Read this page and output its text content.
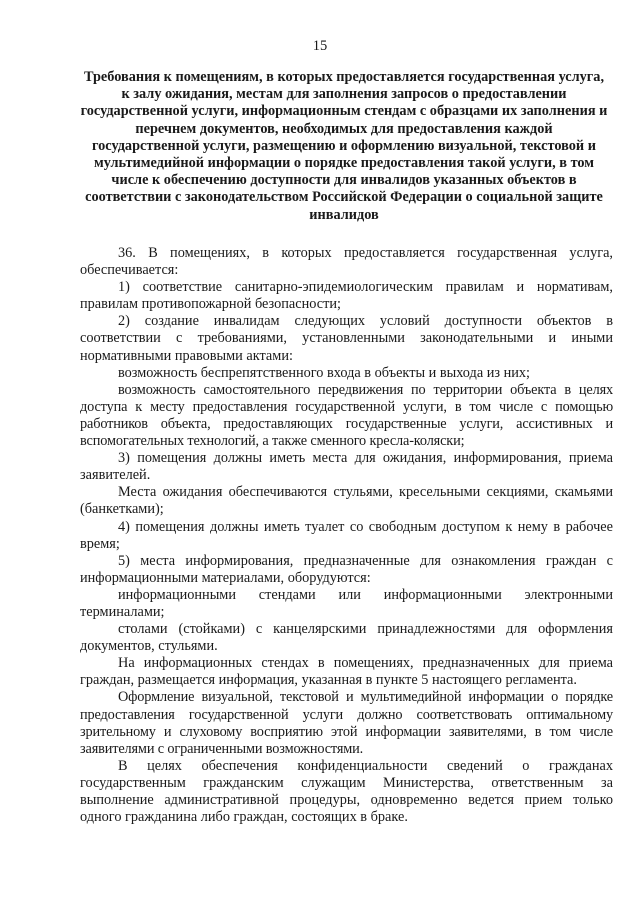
15
Требования к помещениям, в которых предоставляется государственная услуга, к залу ожидания, местам для заполнения запросов о предоставлении государственной услуги, информационным стендам с образцами их заполнения и перечнем документов, необходимых для предоставления каждой государственной услуги, размещению и оформлению визуальной, текстовой и мультимедийной информации о порядке предоставления такой услуги, в том числе к обеспечению доступности для инвалидов указанных объектов в соответствии с законодательством Российской Федерации о социальной защите инвалидов

36. В помещениях, в которых предоставляется государственная услуга, обеспечивается:

1) соответствие санитарно-эпидемиологическим правилам и нормативам, правилам противопожарной безопасности;

2) создание инвалидам следующих условий доступности объектов в соответствии с требованиями, установленными законодательными и иными нормативными правовыми актами:

возможность беспрепятственного входа в объекты и выхода из них;

возможность самостоятельного передвижения по территории объекта в целях доступа к месту предоставления государственной услуги, в том числе с помощью работников объекта, предоставляющих государственные услуги, ассистивных и вспомогательных технологий, а также сменного кресла-коляски;

3) помещения должны иметь места для ожидания, информирования, приема заявителей.

Места ожидания обеспечиваются стульями, кресельными секциями, скамьями (банкетками);

4) помещения должны иметь туалет со свободным доступом к нему в рабочее время;

5) места информирования, предназначенные для ознакомления граждан с информационными материалами, оборудуются:

информационными стендами или информационными электронными терминалами;

столами (стойками) с канцелярскими принадлежностями для оформления документов, стульями.

На информационных стендах в помещениях, предназначенных для приема граждан, размещается информация, указанная в пункте 5 настоящего регламента.

Оформление визуальной, текстовой и мультимедийной информации о порядке предоставления государственной услуги должно соответствовать оптимальному зрительному и слуховому восприятию этой информации заявителями, в том числе заявителями с ограниченными возможностями.

В целях обеспечения конфиденциальности сведений о гражданах государственным гражданским служащим Министерства, ответственным за выполнение административной процедуры, одновременно ведется прием только одного гражданина либо граждан, состоящих в браке.
